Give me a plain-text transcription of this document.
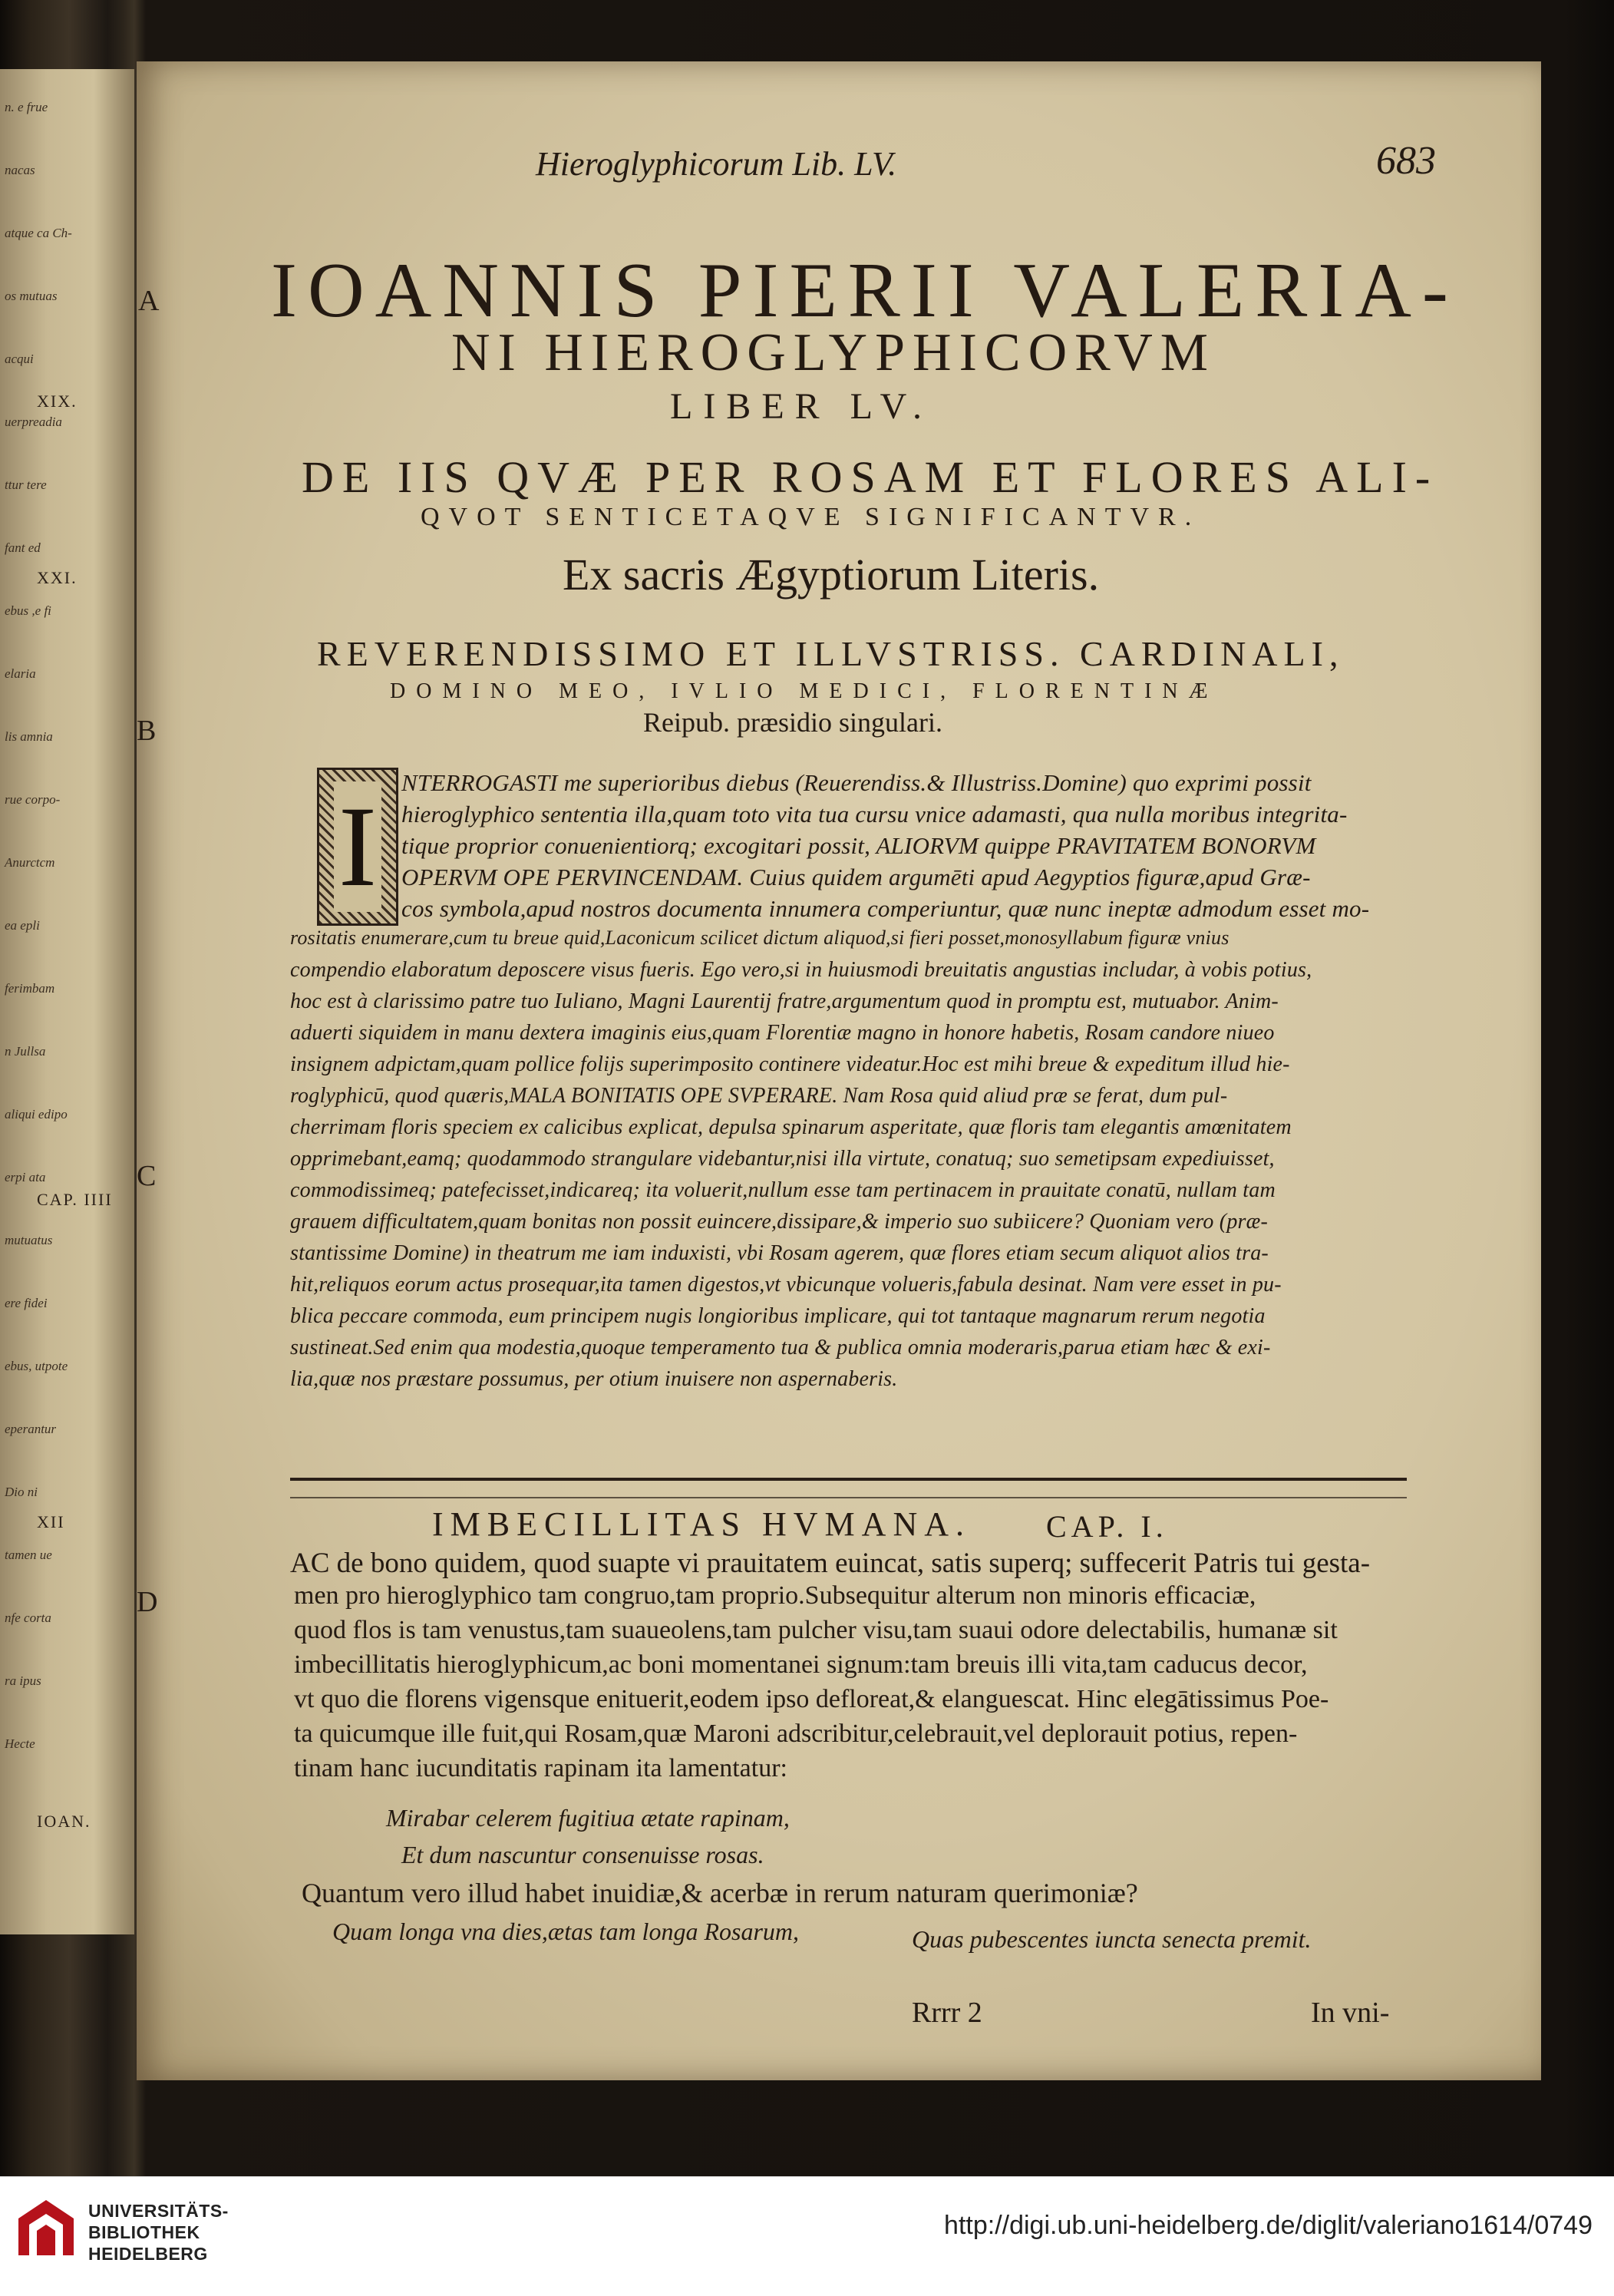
n. e frue
nacas
atque ca Ch-
os mutuas
acqui
uerpreadia
ttur tere
fant ed
ebus ,e fi
elaria
lis amnia
rue corpo-
Anurctcm
ea epli
ferimbam
n Jullsa
aliqui edipo
erpi ata
mutuatus
ere fidei
ebus, utpote
eperantur
Dio ni
tamen ue
nfe corta
ra ipus
Hecte
XIX.
XXI.
CAP. IIII
XII
IOAN.
Hieroglyphicorum Lib. LV.	683
A IOANNIS PIERII VALERIA-
NI HIEROGLYPHICORVM
LIBER LV.
DE IIS QVÆ PER ROSAM ET FLORES ALI-
QVOT SENTICETAQVE SIGNIFICANTVR.
Ex sacris Ægyptiorum Literis.
REVERENDISSIMO ET ILLVSTRISS. CARDINALI,
DOMINO MEO, IVLIO MEDICI, FLORENTINÆ
B	Reipub. præsidio singulari.
I
NTERROGASTI me superioribus diebus (Reuerendiss.& Illustriss.Domine) quo exprimi possit
hieroglyphico sententia illa,quam toto vita tua cursu vnice adamasti, qua nulla moribus integrita-
tique proprior conuenientiorq; excogitari possit, ALIORVM quippe PRAVITATEM BONORVM
OPERVM OPE PERVINCENDAM. Cuius quidem argumēti apud Aegyptios figuræ,apud Græ-
cos symbola,apud nostros documenta innumera comperiuntur, quæ nunc ineptæ admodum esset mo-
rositatis enumerare,cum tu breue quid,Laconicum scilicet dictum aliquod,si fieri posset,monosyllabum figuræ vnius
compendio elaboratum deposcere visus fueris. Ego vero,si in huiusmodi breuitatis angustias includar, à vobis potius,
hoc est à clarissimo patre tuo Iuliano, Magni Laurentij fratre,argumentum quod in promptu est, mutuabor. Anim-
aduerti siquidem in manu dextera imaginis eius,quam Florentiæ magno in honore habetis, Rosam candore niueo
insignem adpictam,quam pollice folijs superimposito continere videatur.Hoc est mihi breue & expeditum illud hie-
roglyphicū, quod quæris,MALA BONITATIS OPE SVPERARE. Nam Rosa quid aliud præ se ferat, dum pul-
cherrimam floris speciem ex calicibus explicat, depulsa spinarum asperitate, quæ floris tam elegantis amœnitatem
opprimebant,eamq; quodammodo strangulare videbantur,nisi illa virtute, conatuq; suo semetipsam expediuisset,
commodissimeq; patefecisset,indicareq; ita voluerit,nullum esse tam pertinacem in prauitate conatū, nullam tam
grauem difficultatem,quam bonitas non possit euincere,dissipare,& imperio suo subiicere? Quoniam vero (præ-
stantissime Domine) in theatrum me iam induxisti, vbi Rosam agerem, quæ flores etiam secum aliquot alios tra-
hit,reliquos eorum actus prosequar,ita tamen digestos,vt vbicunque volueris,fabula desinat. Nam vere esset in pu-
blica peccare commoda, eum principem nugis longioribus implicare, qui tot tantaque magnarum rerum negotia
sustineat.Sed enim qua modestia,quoque temperamento tua & publica omnia moderaris,parua etiam hæc & exi-
lia,quæ nos præstare possumus, per otium inuisere non aspernaberis.
C
IMBECILLITAS HVMANA. CAP. I.
D
AC de bono quidem, quod suapte vi prauitatem euincat, satis superq; suffecerit Patris tui gesta-
men pro hieroglyphico tam congruo,tam proprio.Subsequitur alterum non minoris efficaciæ,
quod flos is tam venustus,tam suaueolens,tam pulcher visu,tam suaui odore delectabilis, humanæ sit
imbecillitatis hieroglyphicum,ac boni momentanei signum:tam breuis illi vita,tam caducus decor,
vt quo die florens vigensque enituerit,eodem ipso defloreat,& elanguescat. Hinc elegātissimus Poe-
ta quicumque ille fuit,qui Rosam,quæ Maroni adscribitur,celebrauit,vel deplorauit potius, repen-
tinam hanc iucunditatis rapinam ita lamentatur:
Mirabar celerem fugitiua ætate rapinam,
Et dum nascuntur consenuisse rosas.
Quantum vero illud habet inuidiæ,& acerbæ in rerum naturam querimoniæ?
Quam longa vna dies,ætas tam longa Rosarum,	Quas pubescentes iuncta senecta premit.
Rrrr 2	In vni-
UNIVERSITÄTS-
BIBLIOTHEK
HEIDELBERG
http://digi.ub.uni-heidelberg.de/diglit/valeriano1614/0749
